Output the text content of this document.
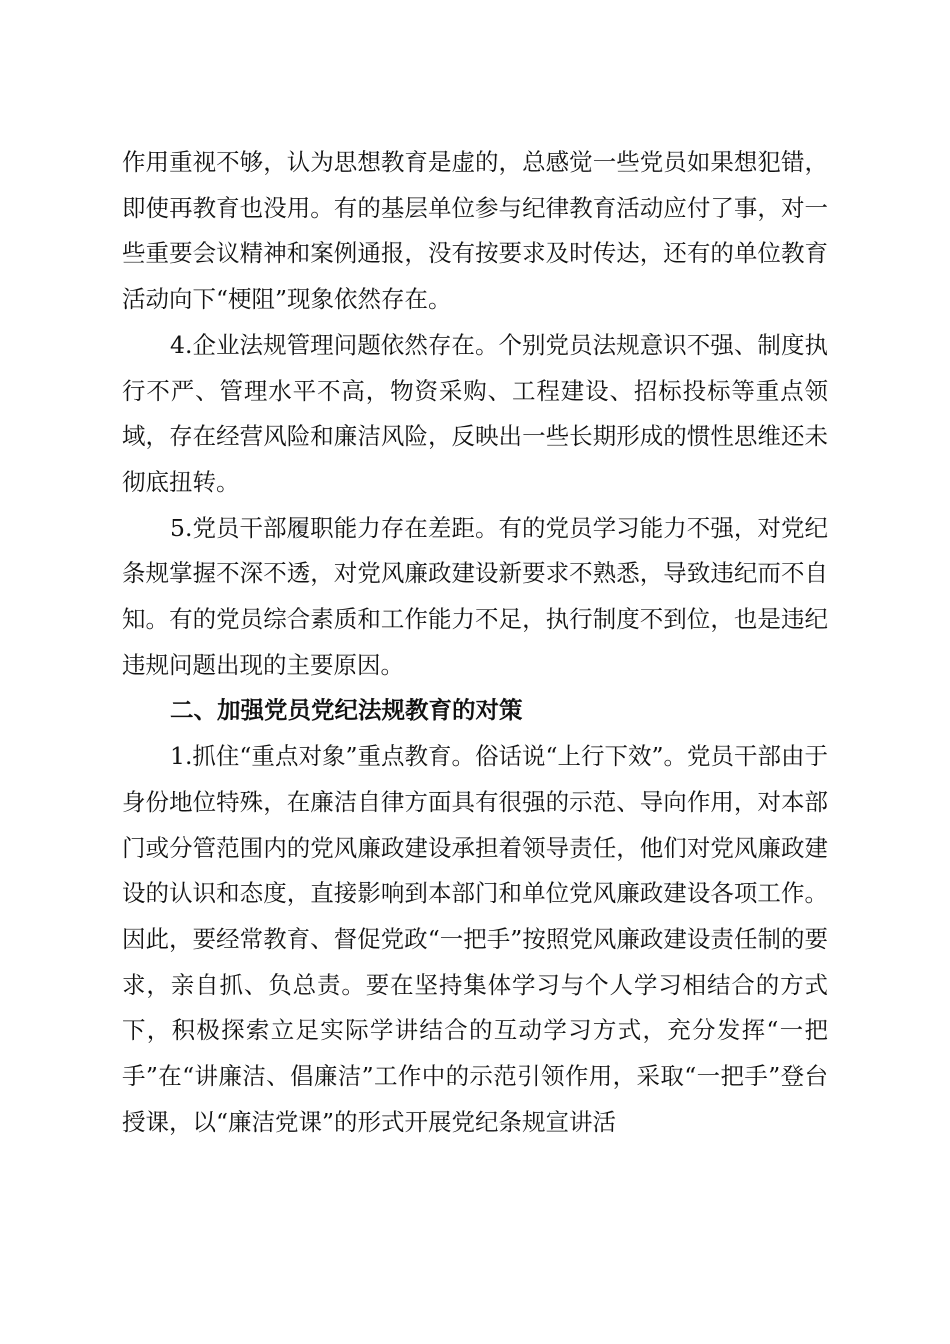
作用重视不够，认为思想教育是虚的，总感觉一些党员如果想犯错，即使再教育也没用。有的基层单位参与纪律教育活动应付了事，对一些重要会议精神和案例通报，没有按要求及时传达，还有的单位教育活动向下“梗阻”现象依然存在。

4.企业法规管理问题依然存在。个别党员法规意识不强、制度执行不严、管理水平不高，物资采购、工程建设、招标投标等重点领域，存在经营风险和廉洁风险，反映出一些长期形成的惯性思维还未彻底扭转。

5.党员干部履职能力存在差距。有的党员学习能力不强，对党纪条规掌握不深不透，对党风廉政建设新要求不熟悉，导致违纪而不自知。有的党员综合素质和工作能力不足，执行制度不到位，也是违纪违规问题出现的主要原因。

二、加强党员党纪法规教育的对策

1.抓住“重点对象”重点教育。俗话说“上行下效”。党员干部由于身份地位特殊，在廉洁自律方面具有很强的示范、导向作用，对本部门或分管范围内的党风廉政建设承担着领导责任，他们对党风廉政建设的认识和态度，直接影响到本部门和单位党风廉政建设各项工作。因此，要经常教育、督促党政“一把手”按照党风廉政建设责任制的要求，亲自抓、负总责。要在坚持集体学习与个人学习相结合的方式下，积极探索立足实际学讲结合的互动学习方式，充分发挥“一把手”在“讲廉洁、倡廉洁”工作中的示范引领作用，采取“一把手”登台授课，以“廉洁党课”的形式开展党纪条规宣讲活
